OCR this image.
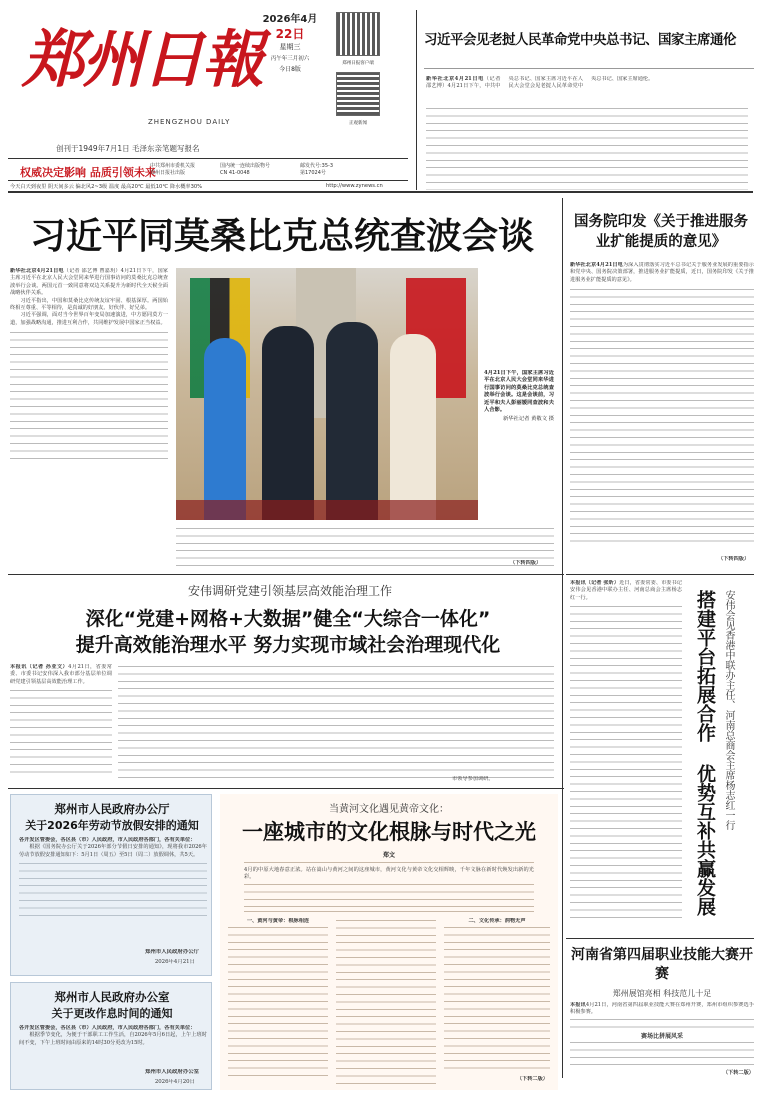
郑州日報
ZHENGZHOU DAILY
创刊于1949年7月1日 毛泽东亲笔题写报名
2026年4月
22日
星期三
丙午年三月初六
今日8版
郑州日报客户端
正观新闻
权威决定影响 品质引领未来
中共郑州市委机关报
郑州日报社出版
国内统一连续出版物号
CN 41-0048
邮发代号:35-3
第17024号
今天白天到夜里 阴天间多云 偏北风2~3级 温度 最高20℃ 最低10℃ 降水概率30%	http://www.zynews.cn
习近平会见老挝人民革命党中央总书记、国家主席通伦
新华社北京4月21日电（记者 邵艺博）4月21日下午，中共中央总书记、国家主席习近平在人民大会堂会见老挝人民革命党中央总书记、国家主席通伦。
习近平同莫桑比克总统查波会谈
新华社北京4月21日电（记者 邵艺博 曹嘉玥）4月21日下午，国家主席习近平在北京人民大会堂同来华进行国事访问的莫桑比克总统查波举行会谈。两国元首一致同意将双边关系提升为新时代全天候全面战略伙伴关系。

习近平指出，中国和莫桑比克传统友谊牢固、根基深厚。两国始终相互尊重、平等相待，是真诚的好朋友、好伙伴、好兄弟。

习近平强调，面对当今世界百年变局加速演进，中方愿同莫方一道，加强战略沟通，推进互利合作，共同维护发展中国家正当权益。

4月21日下午，国家主席习近平在北京人民大会堂同来华进行国事访问的莫桑比克总统查波举行会谈。这是会谈前，习近平和夫人彭丽媛同查波和夫人合影。
新华社记者 黄敬文 摄
（下转四版）
国务院印发《关于推进服务业扩能提质的意见》
新华社北京4月21日电为深入贯彻落实习近平总书记关于服务业发展的重要指示和党中央、国务院决策部署，推进服务业扩能提质，近日，国务院印发《关于推进服务业扩能提质的意见》。
（下转四版）
安伟调研党建引领基层高效能治理工作
深化“党建+网格+大数据”健全“大综合一体化”
提升高效能治理水平 努力实现市域社会治理现代化
本报讯（记者 孙亚文）4月21日，省委常委、市委书记安伟深入我市部分基层单位调研党建引领基层高效能治理工作。
市领导参加调研。
本报讯（记者 张昕）近日，省委常委、市委书记安伟会见香港中联办主任、河南总商会主席杨志红一行。	搭建平台拓展合作 优势互补共赢发展 安伟会见香港中联办主任、河南总商会主席杨志红一行
郑州市人民政府办公厅
关于2026年劳动节放假安排的通知
各开发区管委会，各区县（市）人民政府，市人民政府各部门，各有关单位：

根据《国务院办公厅关于2026年部分节假日安排的通知》，现将我市2026年劳动节放假安排通知如下：5月1日（周五）至5日（周二）放假调休，共5天。

郑州市人民政府办公厅
2026年4月21日
郑州市人民政府办公室
关于更改作息时间的通知
各开发区管委会，各区县（市）人民政府，市人民政府各部门，各有关单位：

根据季节变化，为便于干部职工工作生活，自2026年5月6日起，上午上班时间不变，下午上班时间由原来的14时30分更改为15时。

郑州市人民政府办公室
2026年4月20日
当黄河文化遇见黄帝文化：
一座城市的文化根脉与时代之光
郑文
4月的中原大地春意正浓。站在嵩山与黄河之间的这座城市，黄河文化与黄帝文化交相辉映，千年文脉在新时代焕发出新的光彩。
一、黄河与黄帝：根脉相连	二、文化传承：润物无声
（下转二版）
河南省第四届职业技能大赛开赛
郑州展馆亮相 科技范儿十足
本报讯4月21日，河南省第四届职业技能大赛在郑州开赛，郑州市组织参赛选手积极参赛。
赛场比拼展风采
（下转二版）
